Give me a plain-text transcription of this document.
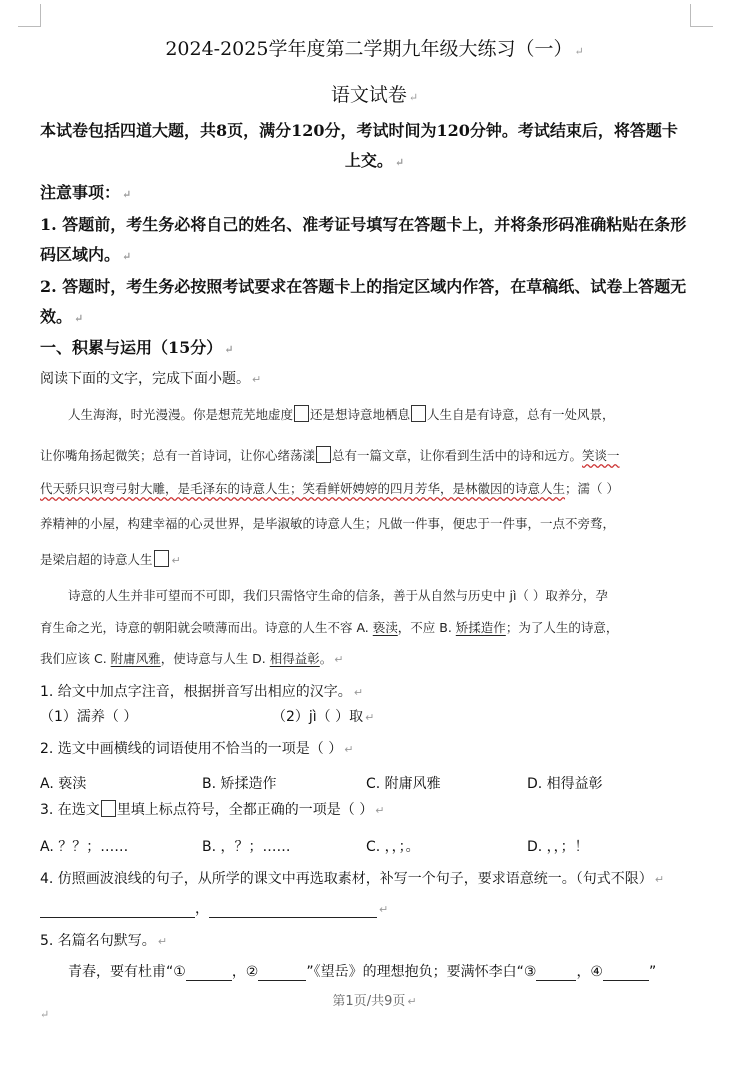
2024-2025学年度第二学期九年级大练习（一） ↵
语文试卷 ↵
本试卷包括四道大题，共8页，满分120分，考试时间为120分钟。考试结束后，将答题卡
上交。 ↵
注意事项： ↵
1. 答题前，考生务必将自己的姓名、准考证号填写在答题卡上，并将条形码准确粘贴在条形
码区域内。 ↵
2. 答题时，考生务必按照考试要求在答题卡上的指定区域内作答，在草稿纸、试卷上答题无
效。 ↵
一、积累与运用（15分） ↵
阅读下面的文字，完成下面小题。 ↵
人生海海，时光漫漫。你是想荒芜地虚度 还是想诗意地栖息 人生自是有诗意，总有一处风景，
让你嘴角扬起微笑；总有一首诗词，让你心绪荡漾 总有一篇文章，让你看到生活中的诗和远方。笑谈一
代天骄只识弯弓射大雕，是毛泽东的诗意人生；笑看鲜妍娉婷的四月芳华，是林徽因的诗意人生；濡（ ）
养精神的小屋，构建幸福的心灵世界，是毕淑敏的诗意人生；凡做一件事，便忠于一件事，一点不旁骛，
是梁启超的诗意人生 ↵
诗意的人生并非可望而不可即，我们只需恪守生命的信条，善于从自然与历史中 jì（ ）取养分，孕
育生命之光，诗意的朝阳就会喷薄而出。诗意的人生不容 A. 亵渎，不应 B. 矫揉造作；为了人生的诗意，
我们应该 C. 附庸风雅，使诗意与人生 D. 相得益彰。 ↵
1. 给文中加点字注音，根据拼音写出相应的汉字。 ↵
（1）濡养（ ）	（2）jì（ ）取 ↵
2. 选文中画横线的词语使用不恰当的一项是（ ） ↵
A. 亵渎	B. 矫揉造作	C. 附庸风雅	D. 相得益彰
3. 在选文 里填上标点符号，全都正确的一项是（ ） ↵
A. ？？；……	B. ，？；……	C. ，，；。	D. ，，；！
4. 仿照画波浪线的句子，从所学的课文中再选取素材，补写一个句子，要求语意统一。（句式不限） ↵
，	↵
5. 名篇名句默写。 ↵
青春，要有杜甫“①	，②	”《望岳》的理想抱负；要满怀李白“③	，④	”
第1页/共9页 ↵
↵
